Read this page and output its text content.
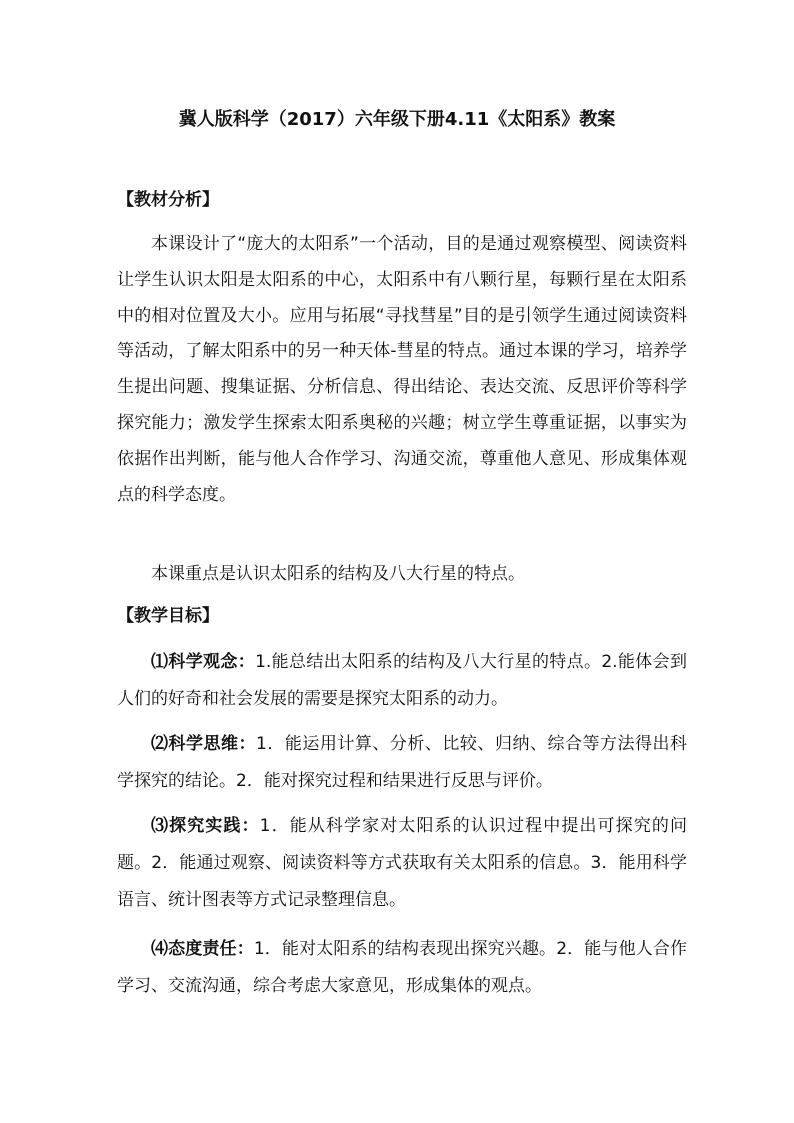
冀人版科学（2017）六年级下册4.11《太阳系》教案
【教材分析】
本课设计了“庞大的太阳系”一个活动，目的是通过观察模型、阅读资料让学生认识太阳是太阳系的中心，太阳系中有八颗行星，每颗行星在太阳系中的相对位置及大小。应用与拓展“寻找彗星”目的是引领学生通过阅读资料等活动，了解太阳系中的另一种天体-彗星的特点。通过本课的学习，培养学生提出问题、搜集证据、分析信息、得出结论、表达交流、反思评价等科学探究能力；激发学生探索太阳系奥秘的兴趣；树立学生尊重证据，以事实为依据作出判断，能与他人合作学习、沟通交流，尊重他人意见、形成集体观点的科学态度。
本课重点是认识太阳系的结构及八大行星的特点。
【教学目标】
⑴科学观念：1.能总结出太阳系的结构及八大行星的特点。2.能体会到人们的好奇和社会发展的需要是探究太阳系的动力。
⑵科学思维：1．能运用计算、分析、比较、归纳、综合等方法得出科学探究的结论。2．能对探究过程和结果进行反思与评价。
⑶探究实践：1．能从科学家对太阳系的认识过程中提出可探究的问题。2．能通过观察、阅读资料等方式获取有关太阳系的信息。3．能用科学语言、统计图表等方式记录整理信息。
⑷态度责任：1．能对太阳系的结构表现出探究兴趣。2．能与他人合作学习、交流沟通，综合考虑大家意见，形成集体的观点。
